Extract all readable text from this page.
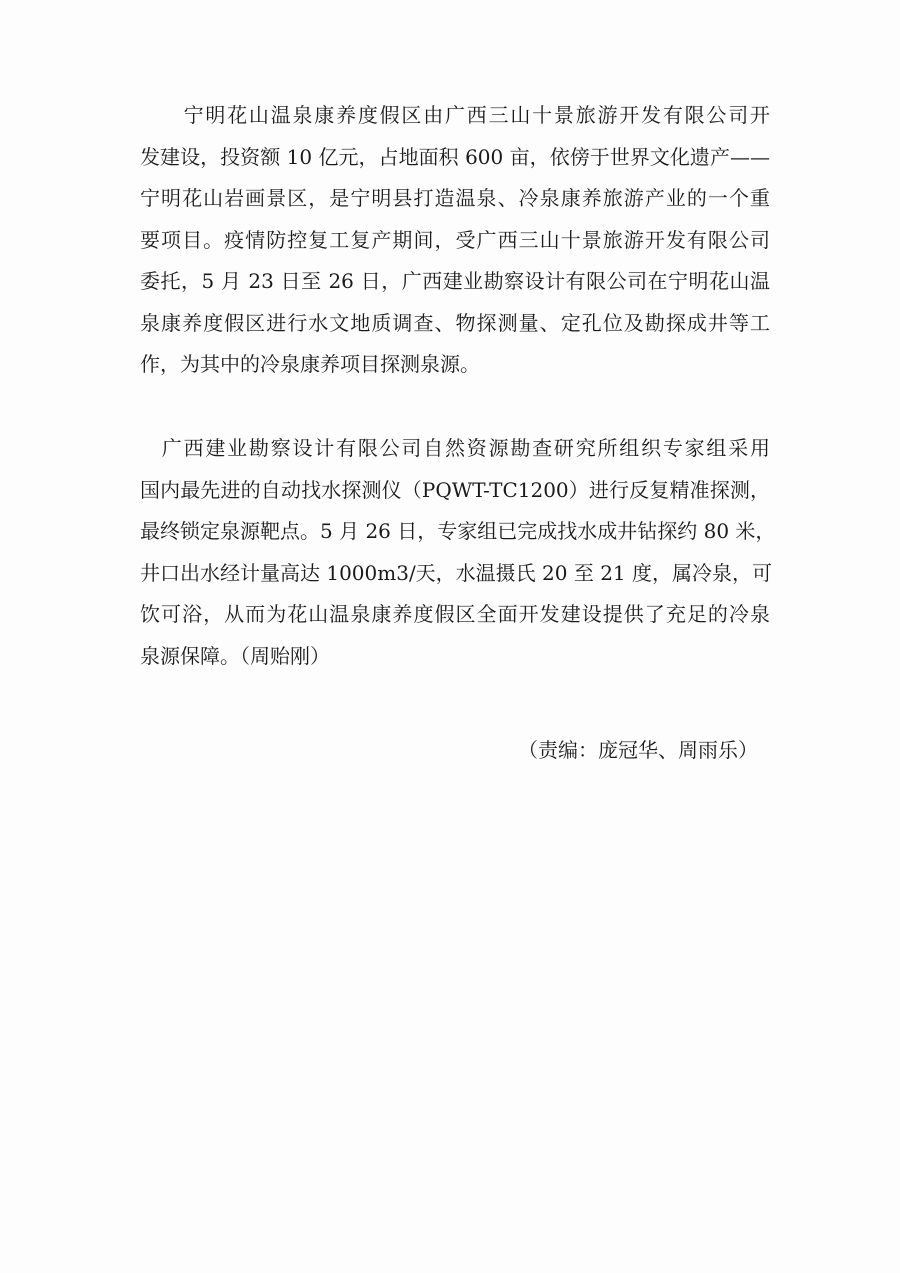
　　宁明花山温泉康养度假区由广西三山十景旅游开发有限公司开
发建设，投资额 10 亿元，占地面积 600 亩，依傍于世界文化遗产——
宁明花山岩画景区，是宁明县打造温泉、冷泉康养旅游产业的一个重
要项目。疫情防控复工复产期间，受广西三山十景旅游开发有限公司
委托，5 月 23 日至 26 日，广西建业勘察设计有限公司在宁明花山温
泉康养度假区进行水文地质调查、物探测量、定孔位及勘探成井等工
作，为其中的冷泉康养项目探测泉源。
　广西建业勘察设计有限公司自然资源勘查研究所组织专家组采用
国内最先进的自动找水探测仪（PQWT-TC1200）进行反复精准探测，
最终锁定泉源靶点。5 月 26 日，专家组已完成找水成井钻探约 80 米，
井口出水经计量高达 1000m3/天，水温摄氏 20 至 21 度，属冷泉，可
饮可浴，从而为花山温泉康养度假区全面开发建设提供了充足的冷泉
泉源保障。（周贻刚）
（责编：庞冠华、周雨乐）
